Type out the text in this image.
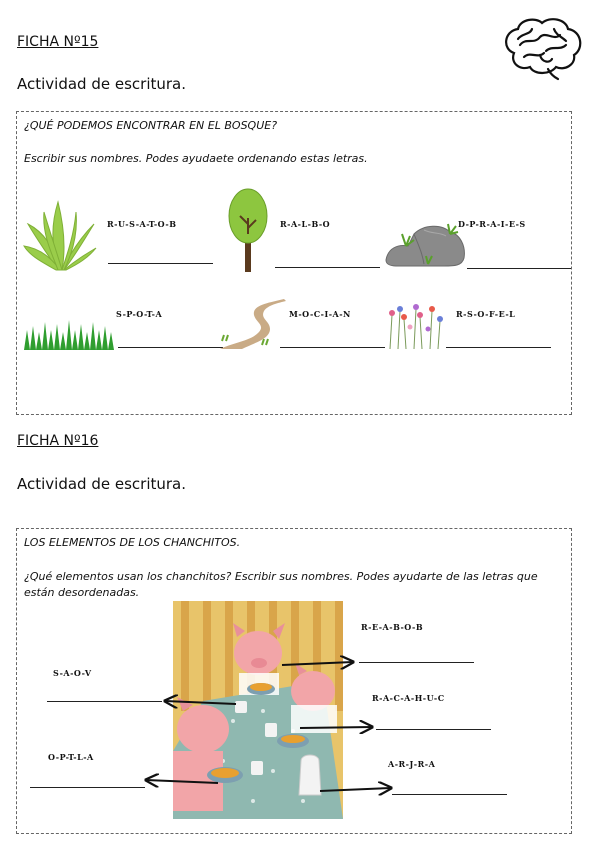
FICHA Nº15
Actividad de escritura.
¿QUÉ PODEMOS ENCONTRAR EN EL BOSQUE?
Escribir sus nombres. Podes ayudaete ordenando estas letras.
R-U-S-A-T-O-B	R-A-L-B-O	D-P-R-A-I-E-S
S-P-O-T-A	M-O-C-I-A-N	R-S-O-F-E-L
FICHA Nº16
Actividad de escritura.
LOS ELEMENTOS DE LOS CHANCHITOS.
¿Qué elementos usan los chanchitos? Escribir sus nombres. Podes ayudarte de las letras que están desordenadas.
R-E-A-B-O-B
S-A-O-V
R-A-C-A-H-U-C
O-P-T-L-A
A-R-J-R-A
